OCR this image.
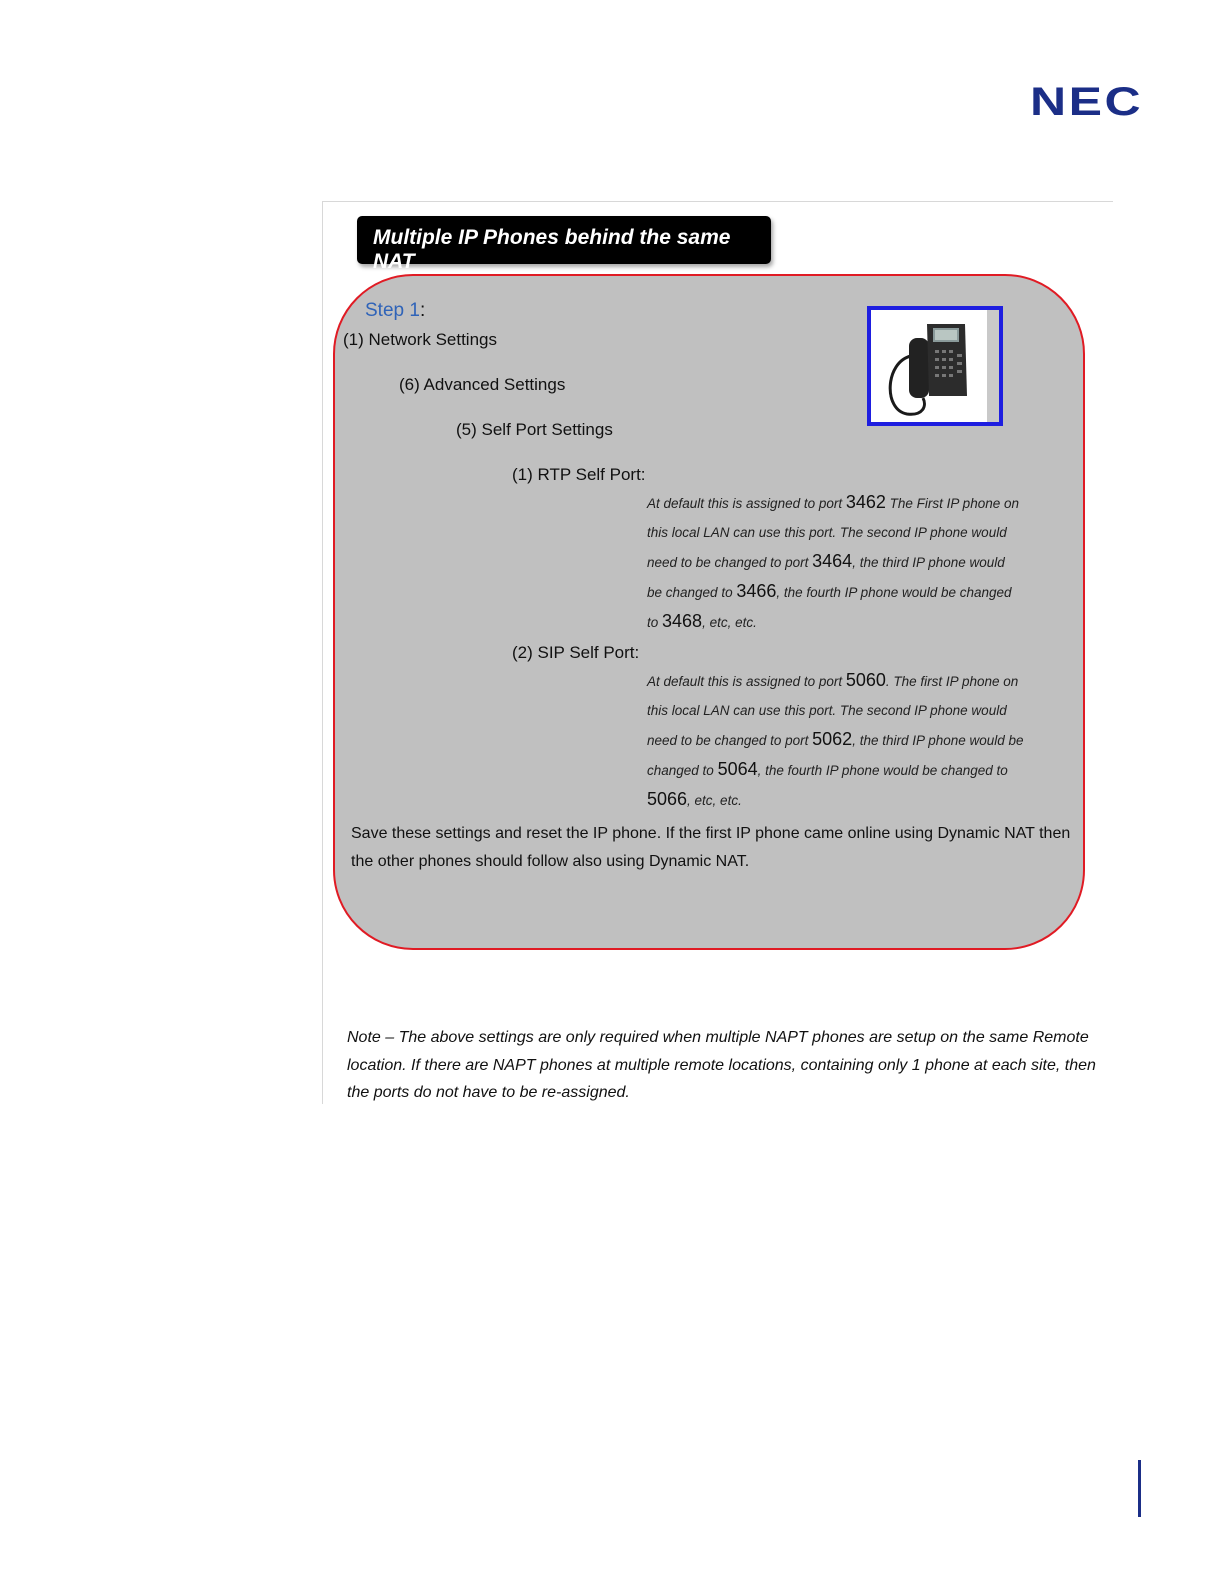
NEC
Multiple IP Phones behind the same NAT
Step 1:
(1) Network Settings
(6) Advanced Settings
(5) Self Port Settings
(1) RTP Self Port:
At default this is assigned to port 3462 The First IP phone on
this local LAN can use this port. The second IP phone would
need to be changed to port 3464, the third IP phone would
be changed to 3466, the fourth IP phone would be changed
to 3468, etc, etc.
(2) SIP Self Port:
At default this is assigned to port 5060. The first IP phone on
this local LAN can use this port. The second IP phone would
need to be changed to port 5062, the third IP phone would be
changed to 5064, the fourth IP phone would be changed to
5066, etc, etc.
Save these settings and reset the IP phone. If the first IP phone came online using Dynamic NAT then the other phones should follow also using Dynamic NAT.
Note – The above settings are only required when multiple NAPT phones are setup on the same Remote location. If there are NAPT phones at multiple remote locations, containing only 1 phone at each site, then the ports do not have to be re-assigned.
